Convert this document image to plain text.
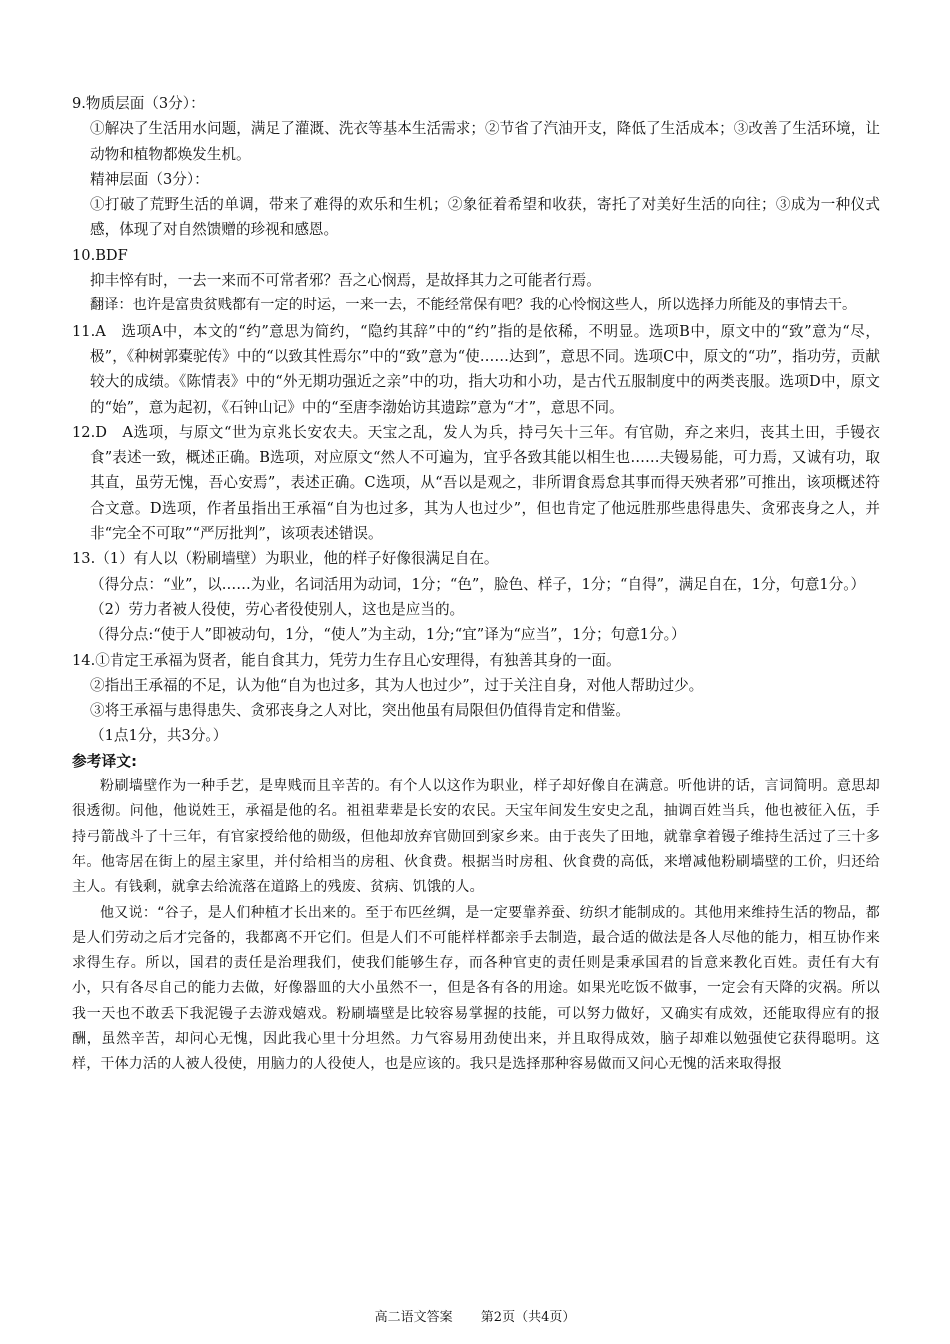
9.物质层面（3分）：

①解决了生活用水问题，满足了灌溉、洗衣等基本生活需求；②节省了汽油开支，降低了生活成本；③改善了生活环境，让动物和植物都焕发生机。

精神层面（3分）：

①打破了荒野生活的单调，带来了难得的欢乐和生机；②象征着希望和收获，寄托了对美好生活的向往；③成为一种仪式感，体现了对自然馈赠的珍视和感恩。

10.BDF

抑丰悴有时，一去一来而不可常者邪？吾之心悯焉，是故择其力之可能者行焉。

翻译：也许是富贵贫贱都有一定的时运，一来一去，不能经常保有吧？我的心怜悯这些人，所以选择力所能及的事情去干。

11.A　选项A中，本文的“约”意思为简约，“隐约其辞”中的“约”指的是依稀，不明显。选项B中，原文中的“致”意为“尽，极”，《种树郭橐驼传》中的“以致其性焉尔”中的“致”意为“使……达到”，意思不同。选项C中，原文的“功”，指功劳，贡献较大的成绩。《陈情表》中的“外无期功强近之亲”中的功，指大功和小功，是古代五服制度中的两类丧服。选项D中，原文的“始”，意为起初，《石钟山记》中的“至唐李渤始访其遗踪”意为“才”，意思不同。

12.D　A选项，与原文“世为京兆长安农夫。天宝之乱，发人为兵，持弓矢十三年。有官勋，弃之来归，丧其土田，手镘衣食”表述一致，概述正确。B选项，对应原文“然人不可遍为，宜乎各致其能以相生也……夫镘易能，可力焉，又诚有功，取其直，虽劳无愧，吾心安焉”，表述正确。C选项，从“吾以是观之，非所谓食焉怠其事而得天殃者邪”可推出，该项概述符合文意。D选项，作者虽指出王承福“自为也过多，其为人也过少”，但也肯定了他远胜那些患得患失、贪邪丧身之人，并非“完全不可取”“严厉批判”，该项表述错误。

13.（1）有人以（粉刷墙壁）为职业，他的样子好像很满足自在。

（得分点：“业”，以……为业，名词活用为动词，1分；“色”，脸色、样子，1分；“自得”，满足自在，1分，句意1分。）

（2）劳力者被人役使，劳心者役使别人，这也是应当的。

（得分点:“使于人”即被动句，1分，“使人”为主动，1分;“宜”译为“应当”，1分；句意1分。）

14.①肯定王承福为贤者，能自食其力，凭劳力生存且心安理得，有独善其身的一面。

②指出王承福的不足，认为他“自为也过多，其为人也过少”，过于关注自身，对他人帮助过少。

③将王承福与患得患失、贪邪丧身之人对比，突出他虽有局限但仍值得肯定和借鉴。

（1点1分，共3分。）

参考译文:

粉刷墙壁作为一种手艺，是卑贱而且辛苦的。有个人以这作为职业，样子却好像自在满意。听他讲的话，言词简明。意思却很透彻。问他，他说姓王，承福是他的名。祖祖辈辈是长安的农民。天宝年间发生安史之乱，抽调百姓当兵，他也被征入伍，手持弓箭战斗了十三年，有官家授给他的勋级，但他却放弃官勋回到家乡来。由于丧失了田地，就靠拿着镘子维持生活过了三十多年。他寄居在街上的屋主家里，并付给相当的房租、伙食费。根据当时房租、伙食费的高低，来增减他粉刷墙壁的工价，归还给主人。有钱剩，就拿去给流落在道路上的残废、贫病、饥饿的人。

他又说：“谷子，是人们种植才长出来的。至于布匹丝绸，是一定要靠养蚕、纺织才能制成的。其他用来维持生活的物品，都是人们劳动之后才完备的，我都离不开它们。但是人们不可能样样都亲手去制造，最合适的做法是各人尽他的能力，相互协作来求得生存。所以，国君的责任是治理我们，使我们能够生存，而各种官吏的责任则是秉承国君的旨意来教化百姓。责任有大有小，只有各尽自己的能力去做，好像器皿的大小虽然不一，但是各有各的用途。如果光吃饭不做事，一定会有天降的灾祸。所以我一天也不敢丢下我泥镘子去游戏嬉戏。粉刷墙壁是比较容易掌握的技能，可以努力做好，又确实有成效，还能取得应有的报酬，虽然辛苦，却问心无愧，因此我心里十分坦然。力气容易用劲使出来，并且取得成效，脑子却难以勉强使它获得聪明。这样，干体力活的人被人役使，用脑力的人役使人，也是应该的。我只是选择那种容易做而又问心无愧的活来取得报

高二语文答案 第2页（共4页）
